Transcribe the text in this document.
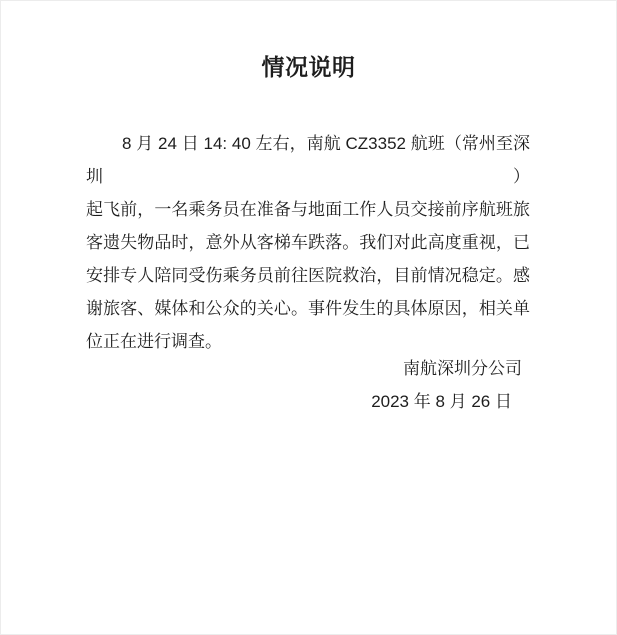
情况说明
8 月 24 日 14: 40 左右，南航 CZ3352 航班（常州至深圳）
起飞前，一名乘务员在准备与地面工作人员交接前序航班旅
客遗失物品时，意外从客梯车跌落。我们对此高度重视，已
安排专人陪同受伤乘务员前往医院救治，目前情况稳定。感
谢旅客、媒体和公众的关心。事件发生的具体原因，相关单
位正在进行调查。
南航深圳分公司
2023 年 8 月 26 日
